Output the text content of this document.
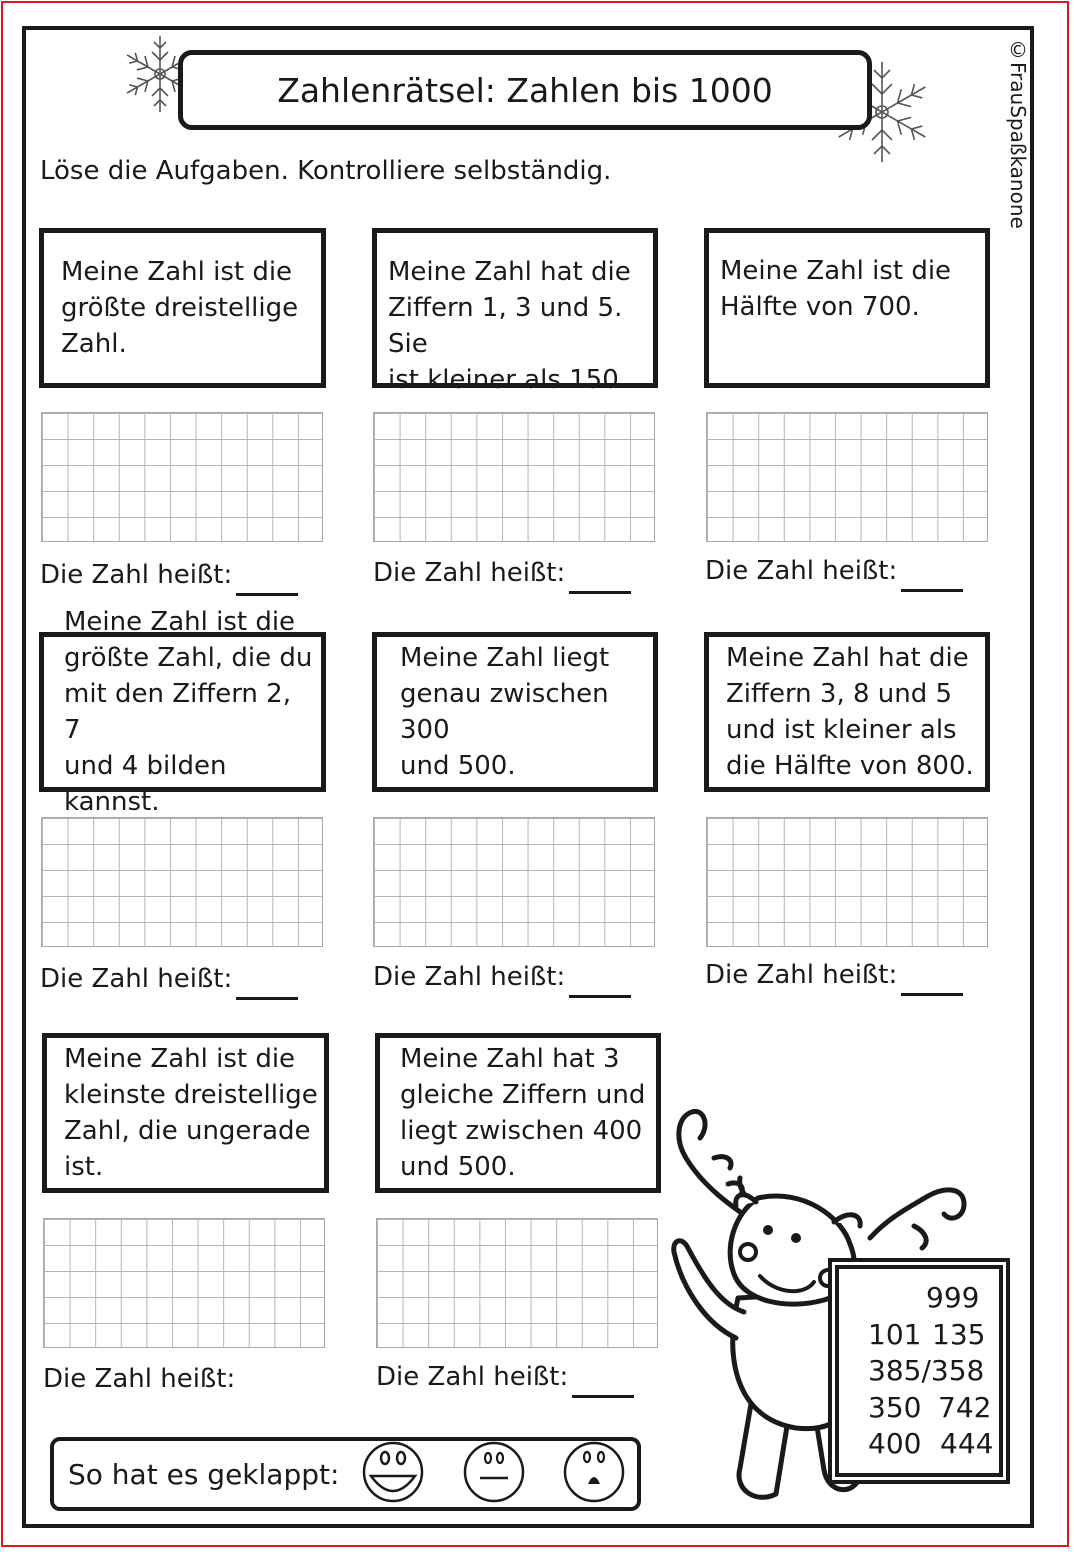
Zahlenrätsel: Zahlen bis 1000	©FrauSpaßkanone
Löse die Aufgaben. Kontrolliere selbständig.
Meine Zahl ist die
größte dreistellige
Zahl.
Meine Zahl hat die
Ziffern 1, 3 und 5. Sie
ist kleiner als 150.
Meine Zahl ist die
Hälfte von 700.
Die Zahl heißt:	Die Zahl heißt:	Die Zahl heißt:
Meine Zahl ist die
größte Zahl, die du
mit den Ziffern 2, 7
und 4 bilden kannst.
Meine Zahl liegt
genau zwischen 300
und 500.
Meine Zahl hat die
Ziffern 3, 8 und 5
und ist kleiner als
die Hälfte von 800.
Die Zahl heißt:	Die Zahl heißt:	Die Zahl heißt:
Meine Zahl ist die
kleinste dreistellige
Zahl, die ungerade
ist.
Meine Zahl hat 3
gleiche Ziffern und
liegt zwischen 400
und 500.
Die Zahl heißt:	Die Zahl heißt:
So hat es geklappt:
999
101 135
385/358
350 742
400 444
